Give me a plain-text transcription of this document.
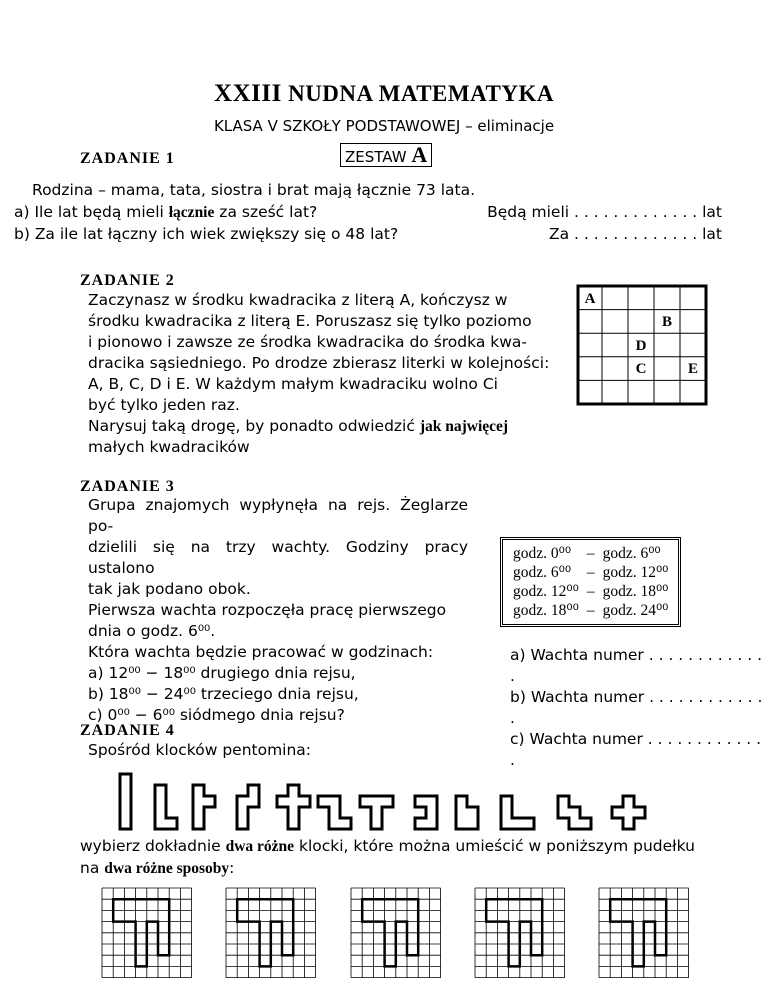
XXIII NUDNA MATEMATYKA
KLASA V SZKOŁY PODSTAWOWEJ – eliminacje
ZESTAW A
ZADANIE 1
Rodzina – mama, tata, siostra i brat mają łącznie 73 lata.
a) Ile lat będą mieli łącznie za sześć lat?
b) Za ile lat łączny ich wiek zwiększy się o 48 lat?
Będą mieli . . . . . . . . . . . . . lat
Za . . . . . . . . . . . . . lat
ZADANIE 2
Zaczynasz w środku kwadracika z literą A, kończysz w
środku kwadracika z literą E. Poruszasz się tylko poziomo
i pionowo i zawsze ze środka kwadracika do środka kwa-
dracika sąsiedniego. Po drodze zbierasz literki w kolejności:
A, B, C, D i E. W każdym małym kwadraciku wolno Ci
być tylko jeden raz.
Narysuj taką drogę, by ponadto odwiedzić jak najwięcej
małych kwadracików
A
B
D
C	E
ZADANIE 3
Grupa znajomych wypłynęła na rejs. Żeglarze po-
dzielili się na trzy wachty. Godziny pracy ustalono
tak jak podano obok.
Pierwsza wachta rozpoczęła pracę pierwszego
dnia o godz. 6⁰⁰.
Która wachta będzie pracować w godzinach:
a) 12⁰⁰ − 18⁰⁰ drugiego dnia rejsu,
b) 18⁰⁰ − 24⁰⁰ trzeciego dnia rejsu,
c) 0⁰⁰ − 6⁰⁰ siódmego dnia rejsu?
godz. 0⁰⁰	–	godz. 6⁰⁰
godz. 6⁰⁰	–	godz. 12⁰⁰
godz. 12⁰⁰	–	godz. 18⁰⁰
godz. 18⁰⁰	–	godz. 24⁰⁰
a) Wachta numer . . . . . . . . . . . . .
b) Wachta numer . . . . . . . . . . . . .
c) Wachta numer . . . . . . . . . . . . .
ZADANIE 4
Spośród klocków pentomina:
wybierz dokładnie dwa różne klocki, które można umieścić w poniższym pudełku
na dwa różne sposoby:
